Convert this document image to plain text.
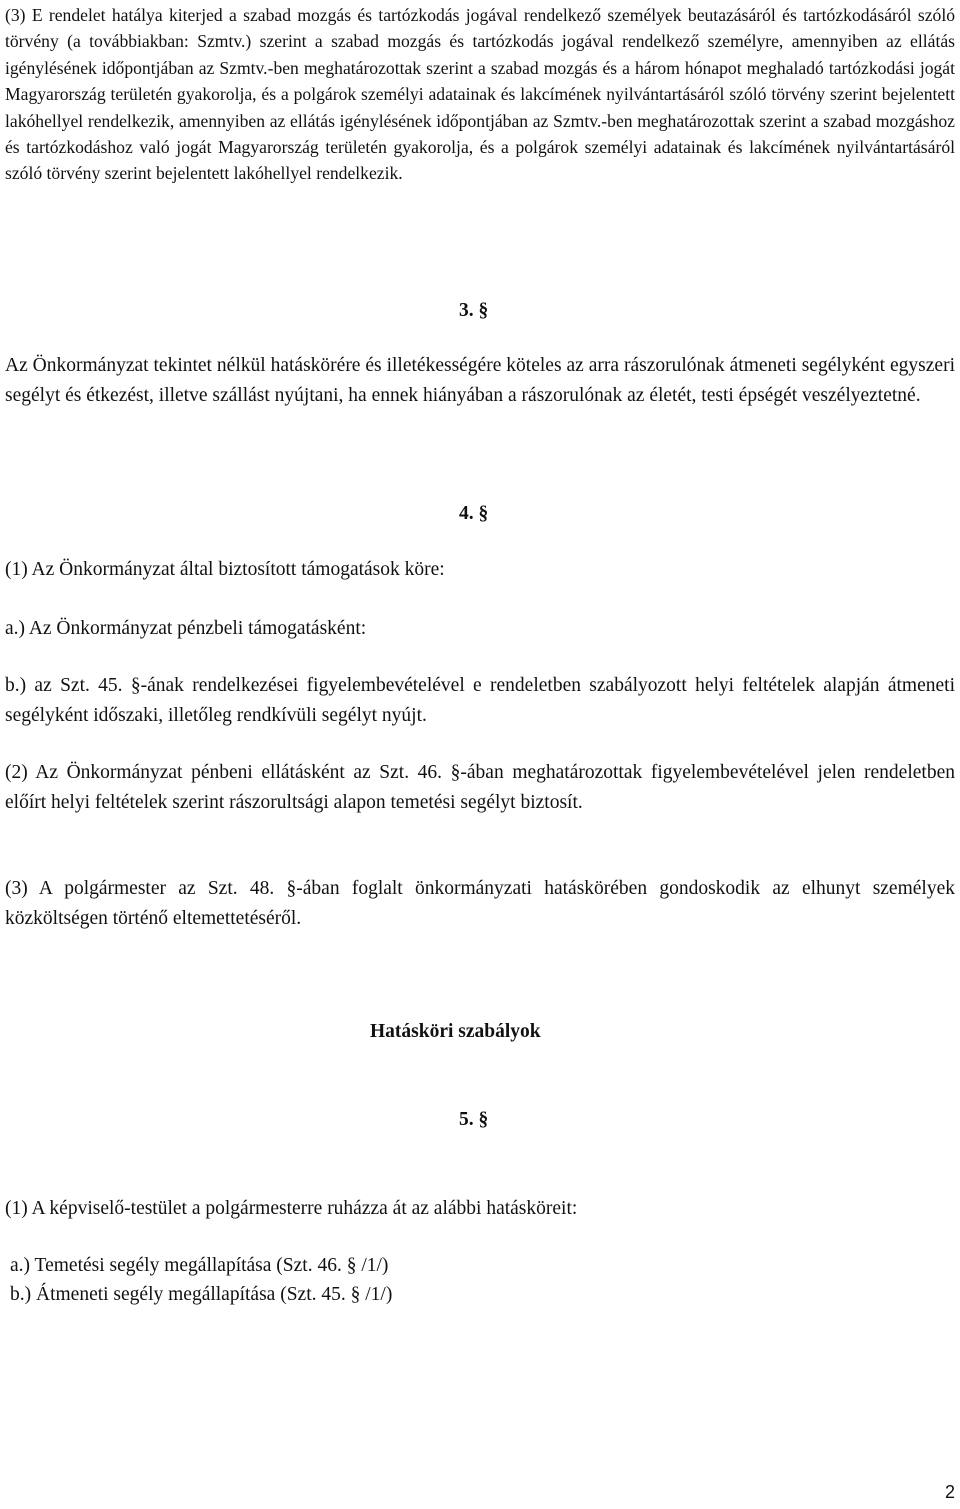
(3) E rendelet hatálya kiterjed a szabad mozgás és tartózkodás jogával rendelkező személyek beutazásáról és tartózkodásáról szóló törvény (a továbbiakban: Szmtv.) szerint a szabad mozgás és tartózkodás jogával rendelkező személyre, amennyiben az ellátás igénylésének időpontjában az Szmtv.-ben meghatározottak szerint a szabad mozgás és a három hónapot meghaladó tartózkodási jogát Magyarország területén gyakorolja, és a polgárok személyi adatainak és lakcímének nyilvántartásáról szóló törvény szerint bejelentett lakóhellyel rendelkezik, amennyiben az ellátás igénylésének időpontjában az Szmtv.-ben meghatározottak szerint a szabad mozgáshoz és tartózkodáshoz való jogát Magyarország területén gyakorolja, és a polgárok személyi adatainak és lakcímének nyilvántartásáról szóló törvény szerint bejelentett lakóhellyel rendelkezik.

3. §

Az Önkormányzat tekintet nélkül hatáskörére és illetékességére köteles az arra rászorulónak átmeneti segélyként egyszeri segélyt és étkezést, illetve szállást nyújtani, ha ennek hiányában a rászorulónak az életét, testi épségét veszélyeztetné.

4. §

(1) Az Önkormányzat által biztosított támogatások köre:

a.) Az Önkormányzat pénzbeli támogatásként:

b.) az Szt. 45. §-ának rendelkezései figyelembevételével e rendeletben szabályozott helyi feltételek alapján átmeneti segélyként időszaki, illetőleg rendkívüli segélyt nyújt.

(2) Az Önkormányzat pénbeni ellátásként az Szt. 46. §-ában meghatározottak figyelembevételével jelen rendeletben előírt helyi feltételek szerint rászorultsági alapon temetési segélyt biztosít.

(3) A polgármester az Szt. 48. §-ában foglalt önkormányzati hatáskörében gondoskodik az elhunyt személyek közköltségen történő eltemettetéséről.

Hatásköri szabályok

5. §

(1) A képviselő-testület a polgármesterre ruházza át az alábbi hatásköreit:

a.) Temetési segély megállapítása (Szt. 46. § /1/)

b.) Átmeneti segély megállapítása (Szt. 45. § /1/)

2
